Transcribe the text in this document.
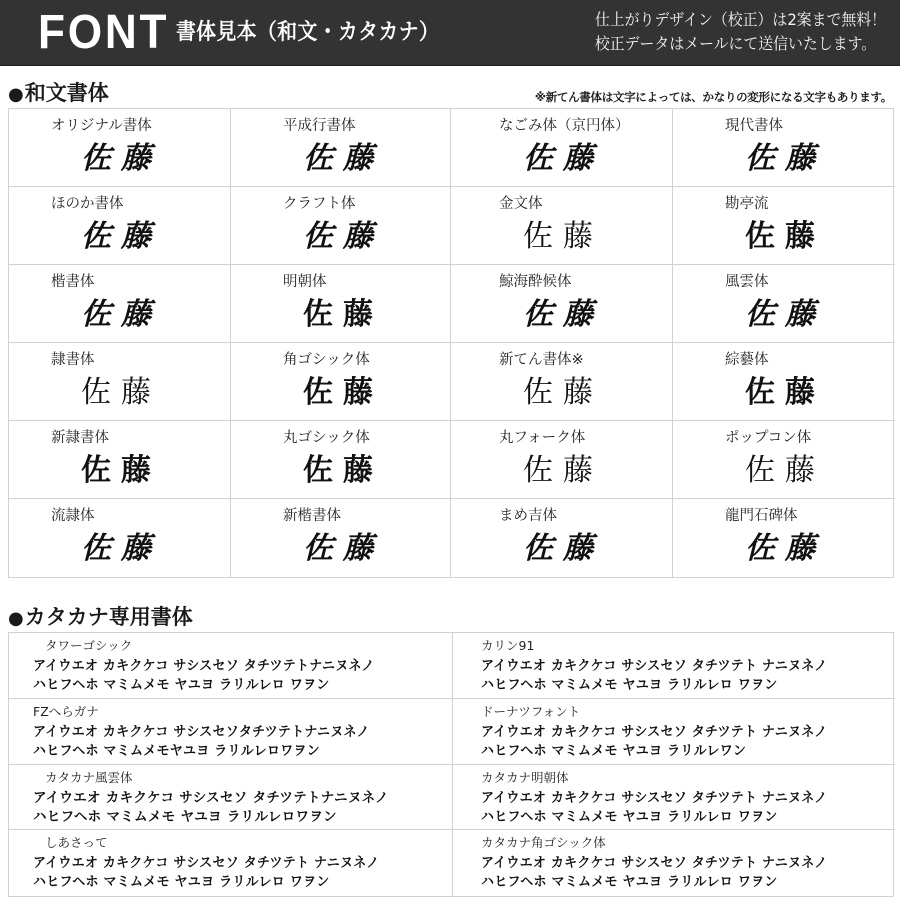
FONT 書体見本（和文・カタカナ）
仕上がりデザイン（校正）は2案まで無料！
校正データはメールにて送信いたします。
●和文書体	※新てん書体は文字によっては、かなりの変形になる文字もあります。
オリジナル書体
佐藤
平成行書体
佐藤
なごみ体（京円体）
佐藤
現代書体
佐藤
ほのか書体
佐藤
クラフト体
佐藤
金文体
佐藤
勘亭流
佐藤
楷書体
佐藤
明朝体
佐藤
鯨海酔候体
佐藤
風雲体
佐藤
隷書体
佐藤
角ゴシック体
佐藤
新てん書体※
佐藤
綜藝体
佐藤
新隷書体
佐藤
丸ゴシック体
佐藤
丸フォーク体
佐藤
ポップコン体
佐藤
流隷体
佐藤
新楷書体
佐藤
まめ吉体
佐藤
龍門石碑体
佐藤
●カタカナ専用書体
タワーゴシック
アイウエオ カキクケコ サシスセソ タチツテトナニヌネノ
ハヒフヘホ マミムメモ ヤユヨ ラリルレロ ワヲン
カリン91
アイウエオ カキクケコ サシスセソ タチツテト ナニヌネノ
ハヒフヘホ マミムメモ ヤユヨ ラリルレロ ワヲン
FZへらガナ
アイウエオ カキクケコ サシスセソタチツテトナニヌネノ
ハヒフヘホ マミムメモヤユヨ ラリルレロワヲン
ドーナツフォント
アイウエオ カキクケコ サシスセソ タチツテト ナニヌネノ
ハヒフヘホ マミムメモ ヤユヨ ラリルレワン
カタカナ風雲体
アイウエオ カキクケコ サシスセソ タチツテトナニヌネノ
ハヒフヘホ マミムメモ ヤユヨ ラリルレロワヲン
カタカナ明朝体
アイウエオ カキクケコ サシスセソ タチツテト ナニヌネノ
ハヒフヘホ マミムメモ ヤユヨ ラリルレロ ワヲン
しあさって
アイウエオ カキクケコ サシスセソ タチツテト ナニヌネノ
ハヒフヘホ マミムメモ ヤユヨ ラリルレロ ワヲン
カタカナ角ゴシック体
アイウエオ カキクケコ サシスセソ タチツテト ナニヌネノ
ハヒフヘホ マミムメモ ヤユヨ ラリルレロ ワヲン
